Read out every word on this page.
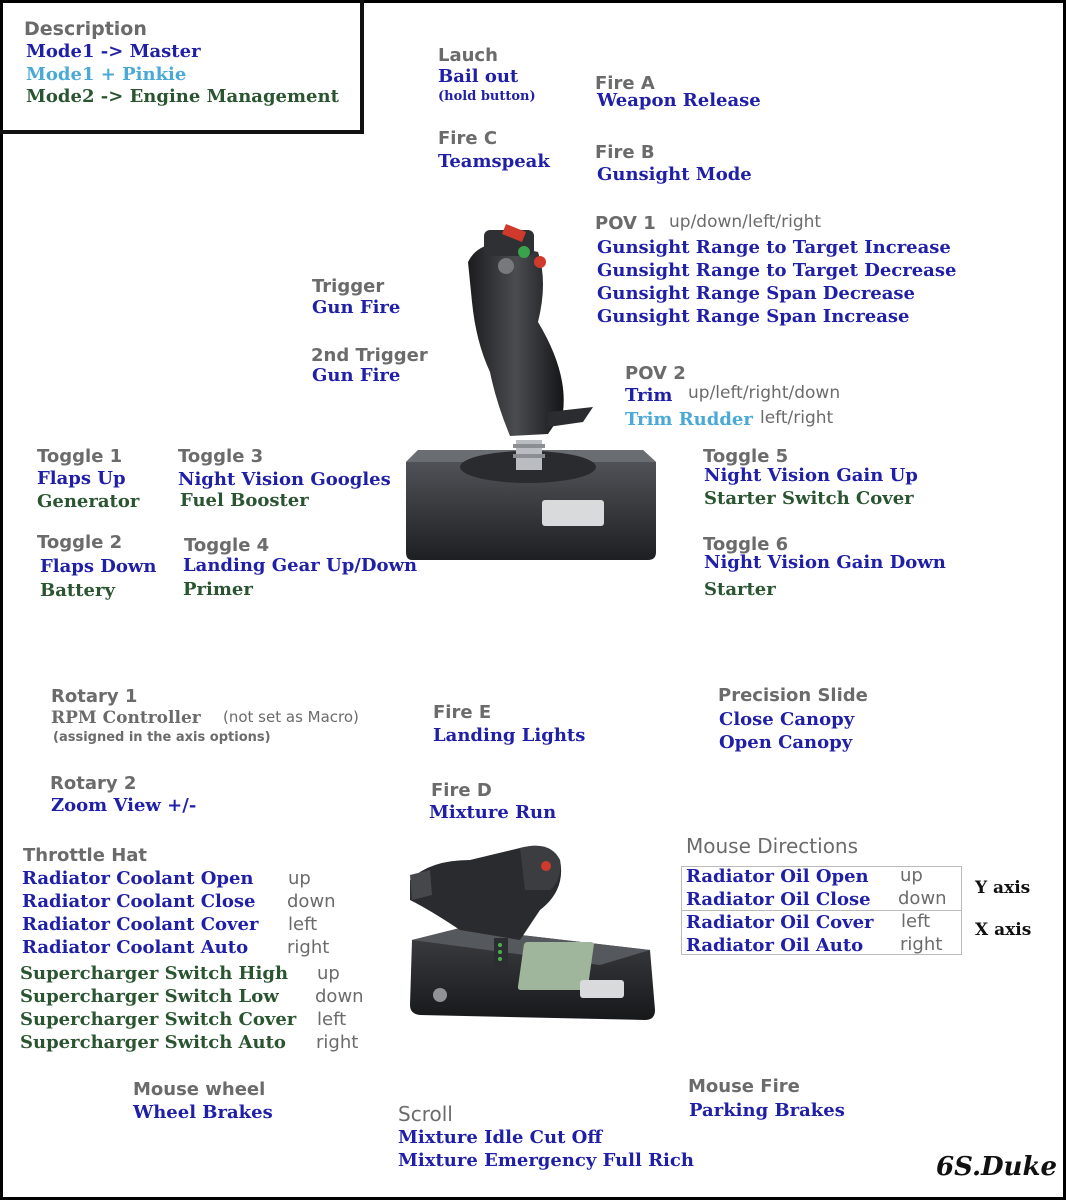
Description
Mode1 -> Master
Mode1 + Pinkie
Mode2 -> Engine Management
Lauch
Bail out
(hold button)
Fire C
Teamspeak
Fire A
Weapon Release
Fire B
Gunsight Mode
POV 1 up/down/left/right
Gunsight Range to Target Increase
Gunsight Range to Target Decrease
Gunsight Range Span Decrease
Gunsight Range Span Increase
Trigger
Gun Fire
2nd Trigger
Gun Fire	POV 2
Trim up/left/right/down
Trim Rudder left/right
Toggle 1
Flaps Up
Generator
Toggle 2
Flaps Down
Battery
Toggle 3
Night Vision Googles
Fuel Booster
Toggle 4
Landing Gear Up/Down
Primer
Toggle 5
Night Vision Gain Up
Starter Switch Cover
Toggle 6
Night Vision Gain Down
Starter
Rotary 1
RPM Controller (not set as Macro)
(assigned in the axis options)
Rotary 2
Zoom View +/-
Fire E
Landing Lights
Fire D
Mixture Run
Precision Slide
Close Canopy
Open Canopy
Mouse Directions
Radiator Oil Open up
Radiator Oil Close down
Radiator Oil Cover left
Radiator Oil Auto right
Y axis
X axis
Throttle Hat
Radiator Coolant Open up
Radiator Coolant Close down
Radiator Coolant Cover left
Radiator Coolant Auto right
Supercharger Switch High up
Supercharger Switch Low down
Supercharger Switch Cover left
Supercharger Switch Auto right
Mouse wheel
Wheel Brakes	Scroll
Mixture Idle Cut Off
Mixture Emergency Full Rich
Mouse Fire
Parking Brakes
6S.Duke
